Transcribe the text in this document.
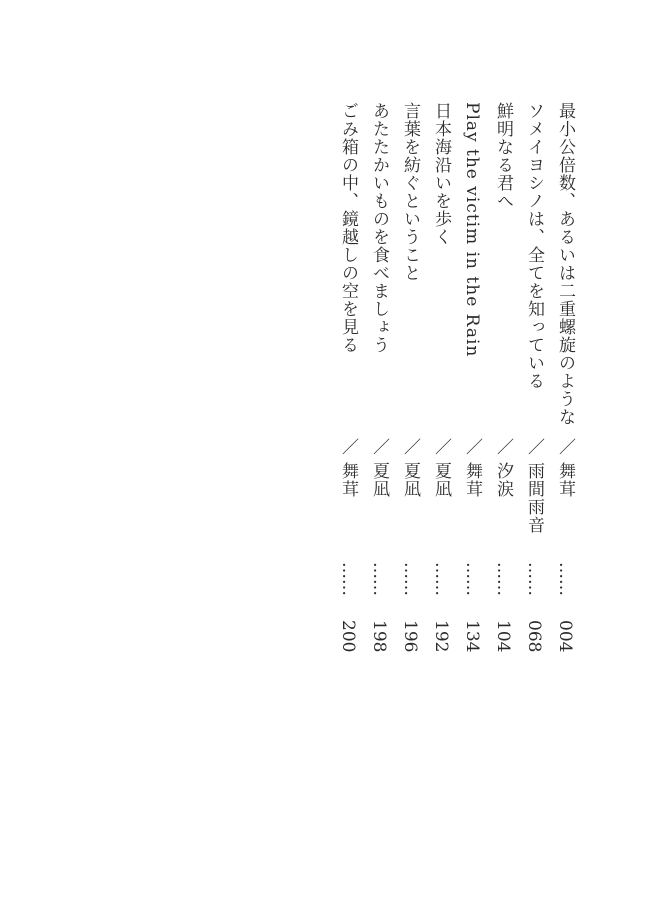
最小公倍数、あるいは二重螺旋のような
／
舞茸
……
004
ソメイヨシノは、全てを知っている
／
雨間雨音
……
068
鮮明なる君へ
／
汐涙
……
104
Play the victim in the Rain
／
舞茸
……
134
日本海沿いを歩く
／
夏凪
……
192
言葉を紡ぐということ
／
夏凪
……
196
あたたかいものを食べましょう
／
夏凪
……
198
ごみ箱の中、鏡越しの空を見る
／
舞茸
……
200
